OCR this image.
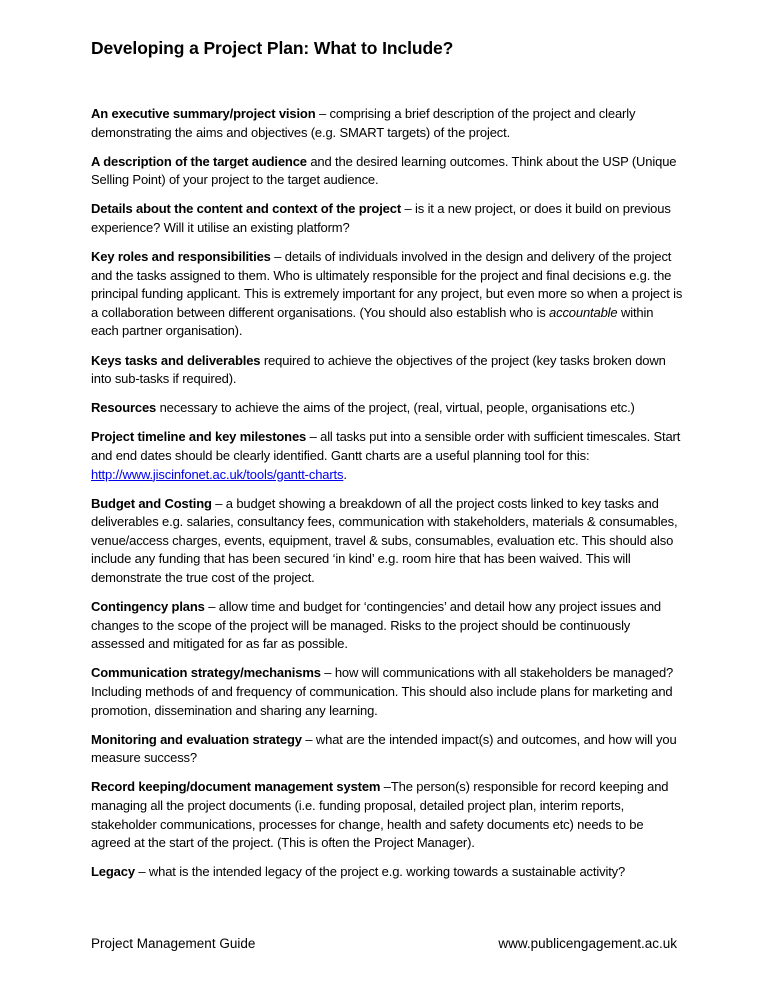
Developing a Project Plan: What to Include?

An executive summary/project vision – comprising a brief description of the project and clearly demonstrating the aims and objectives (e.g. SMART targets) of the project.

A description of the target audience and the desired learning outcomes. Think about the USP (Unique Selling Point) of your project to the target audience.

Details about the content and context of the project – is it a new project, or does it build on previous experience? Will it utilise an existing platform?

Key roles and responsibilities – details of individuals involved in the design and delivery of the project and the tasks assigned to them. Who is ultimately responsible for the project and final decisions e.g. the principal funding applicant. This is extremely important for any project, but even more so when a project is a collaboration between different organisations. (You should also establish who is accountable within each partner organisation).

Keys tasks and deliverables required to achieve the objectives of the project (key tasks broken down into sub-tasks if required).

Resources necessary to achieve the aims of the project, (real, virtual, people, organisations etc.)

Project timeline and key milestones – all tasks put into a sensible order with sufficient timescales. Start and end dates should be clearly identified. Gantt charts are a useful planning tool for this: http://www.jiscinfonet.ac.uk/tools/gantt-charts.

Budget and Costing – a budget showing a breakdown of all the project costs linked to key tasks and deliverables e.g. salaries, consultancy fees, communication with stakeholders, materials & consumables, venue/access charges, events, equipment, travel & subs, consumables, evaluation etc. This should also include any funding that has been secured ‘in kind’ e.g. room hire that has been waived. This will demonstrate the true cost of the project.

Contingency plans – allow time and budget for ‘contingencies’ and detail how any project issues and changes to the scope of the project will be managed. Risks to the project should be continuously assessed and mitigated for as far as possible.

Communication strategy/mechanisms – how will communications with all stakeholders be managed? Including methods of and frequency of communication. This should also include plans for marketing and promotion, dissemination and sharing any learning.

Monitoring and evaluation strategy – what are the intended impact(s) and outcomes, and how will you measure success?

Record keeping/document management system –The person(s) responsible for record keeping and managing all the project documents (i.e. funding proposal, detailed project plan, interim reports, stakeholder communications, processes for change, health and safety documents etc) needs to be agreed at the start of the project. (This is often the Project Manager).

Legacy – what is the intended legacy of the project e.g. working towards a sustainable activity?

Project Management Guide	www.publicengagement.ac.uk
